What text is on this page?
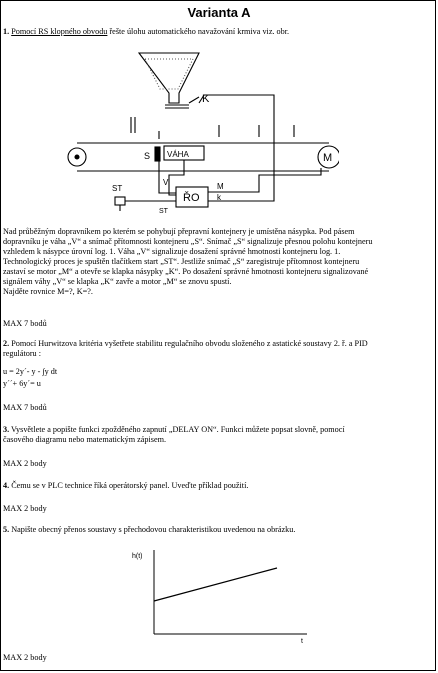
Varianta A
1. Pomocí RS klopného obvodu řešte úlohu automatického navažování krmiva viz. obr.
K
M
VÁHA
S
ŘO
V	M
k
ST
ST
Nad průběžným dopravníkem po kterém se pohybují přepravní kontejnery je umístěna násypka. Pod pásem
dopravníku je váha „V“ a snímač přítomnosti kontejneru „S“. Snímač „S“ signalizuje přesnou polohu kontejneru
vzhledem k násypce úrovní log. 1. Váha „V“ signalizuje dosažení správné hmotnosti kontejneru log. 1.
Technologický proces je spuštěn tlačítkem start „ST“. Jestliže snímač „S“ zaregistruje přítomnost kontejneru
zastaví se motor „M“ a otevře se klapka násypky „K“. Po dosažení správné hmotnosti kontejneru signalizované
signálem váhy „V“ se klapka „K“ zavře a motor „M“ se znovu spustí.
Najděte rovnice M=?, K=?.
MAX 7 bodů
2. Pomocí Hurwitzova kritéria vyšetřete stabilitu regulačního obvodu složeného z astatické soustavy 2. ř. a PID
regulátoru :
u = 2y´- y - ∫y dt
y´´+ 6y´= u
MAX 7 bodů
3. Vysvětlete a popište funkci zpožděného zapnutí „DELAY ON“. Funkci můžete popsat slovně, pomocí
časového diagramu nebo matematickým zápisem.
MAX 2 body
4. Čemu se v PLC technice říká operátorský panel. Uveďte příklad použití.
MAX 2 body
5. Napište obecný přenos soustavy s přechodovou charakteristikou uvedenou na obrázku.
h(t)
t
MAX 2 body
